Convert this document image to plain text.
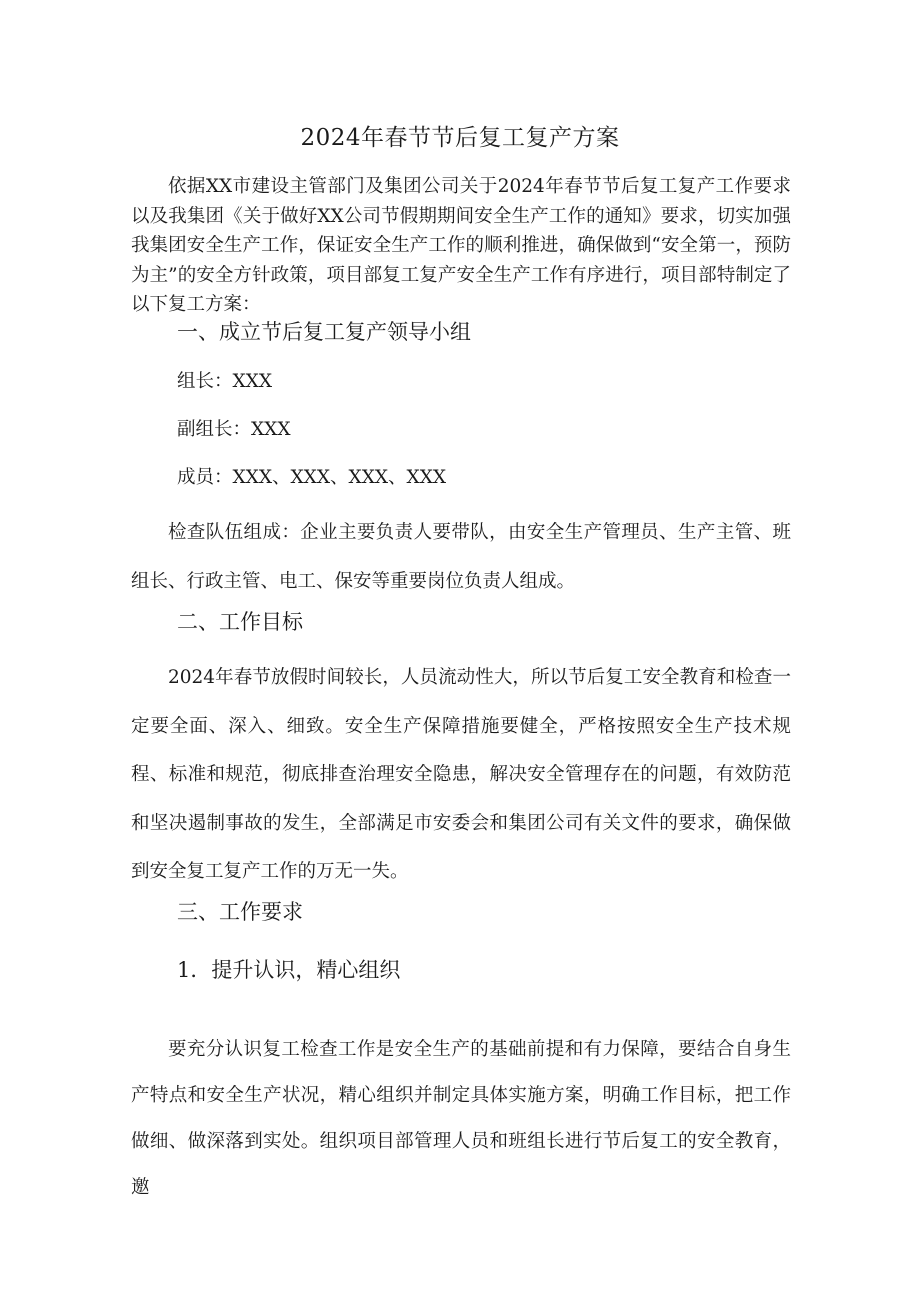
2024年春节节后复工复产方案

依据XX市建设主管部门及集团公司关于2024年春节节后复工复产工作要求以及我集团《关于做好XX公司节假期期间安全生产工作的通知》要求，切实加强我集团安全生产工作，保证安全生产工作的顺利推进，确保做到“安全第一，预防为主”的安全方针政策，项目部复工复产安全生产工作有序进行，项目部特制定了以下复工方案：

一、成立节后复工复产领导小组
组长：XXX
副组长：XXX
成员：XXX、XXX、XXX、XXX

检查队伍组成：企业主要负责人要带队，由安全生产管理员、生产主管、班组长、行政主管、电工、保安等重要岗位负责人组成。

二、工作目标

2024年春节放假时间较长，人员流动性大，所以节后复工安全教育和检查一定要全面、深入、细致。安全生产保障措施要健全，严格按照安全生产技术规程、标准和规范，彻底排查治理安全隐患，解决安全管理存在的问题，有效防范和坚决遏制事故的发生，全部满足市安委会和集团公司有关文件的要求，确保做到安全复工复产工作的万无一失。

三、工作要求
1．提升认识，精心组织

要充分认识复工检查工作是安全生产的基础前提和有力保障，要结合自身生产特点和安全生产状况，精心组织并制定具体实施方案，明确工作目标，把工作做细、做深落到实处。组织项目部管理人员和班组长进行节后复工的安全教育，邀
